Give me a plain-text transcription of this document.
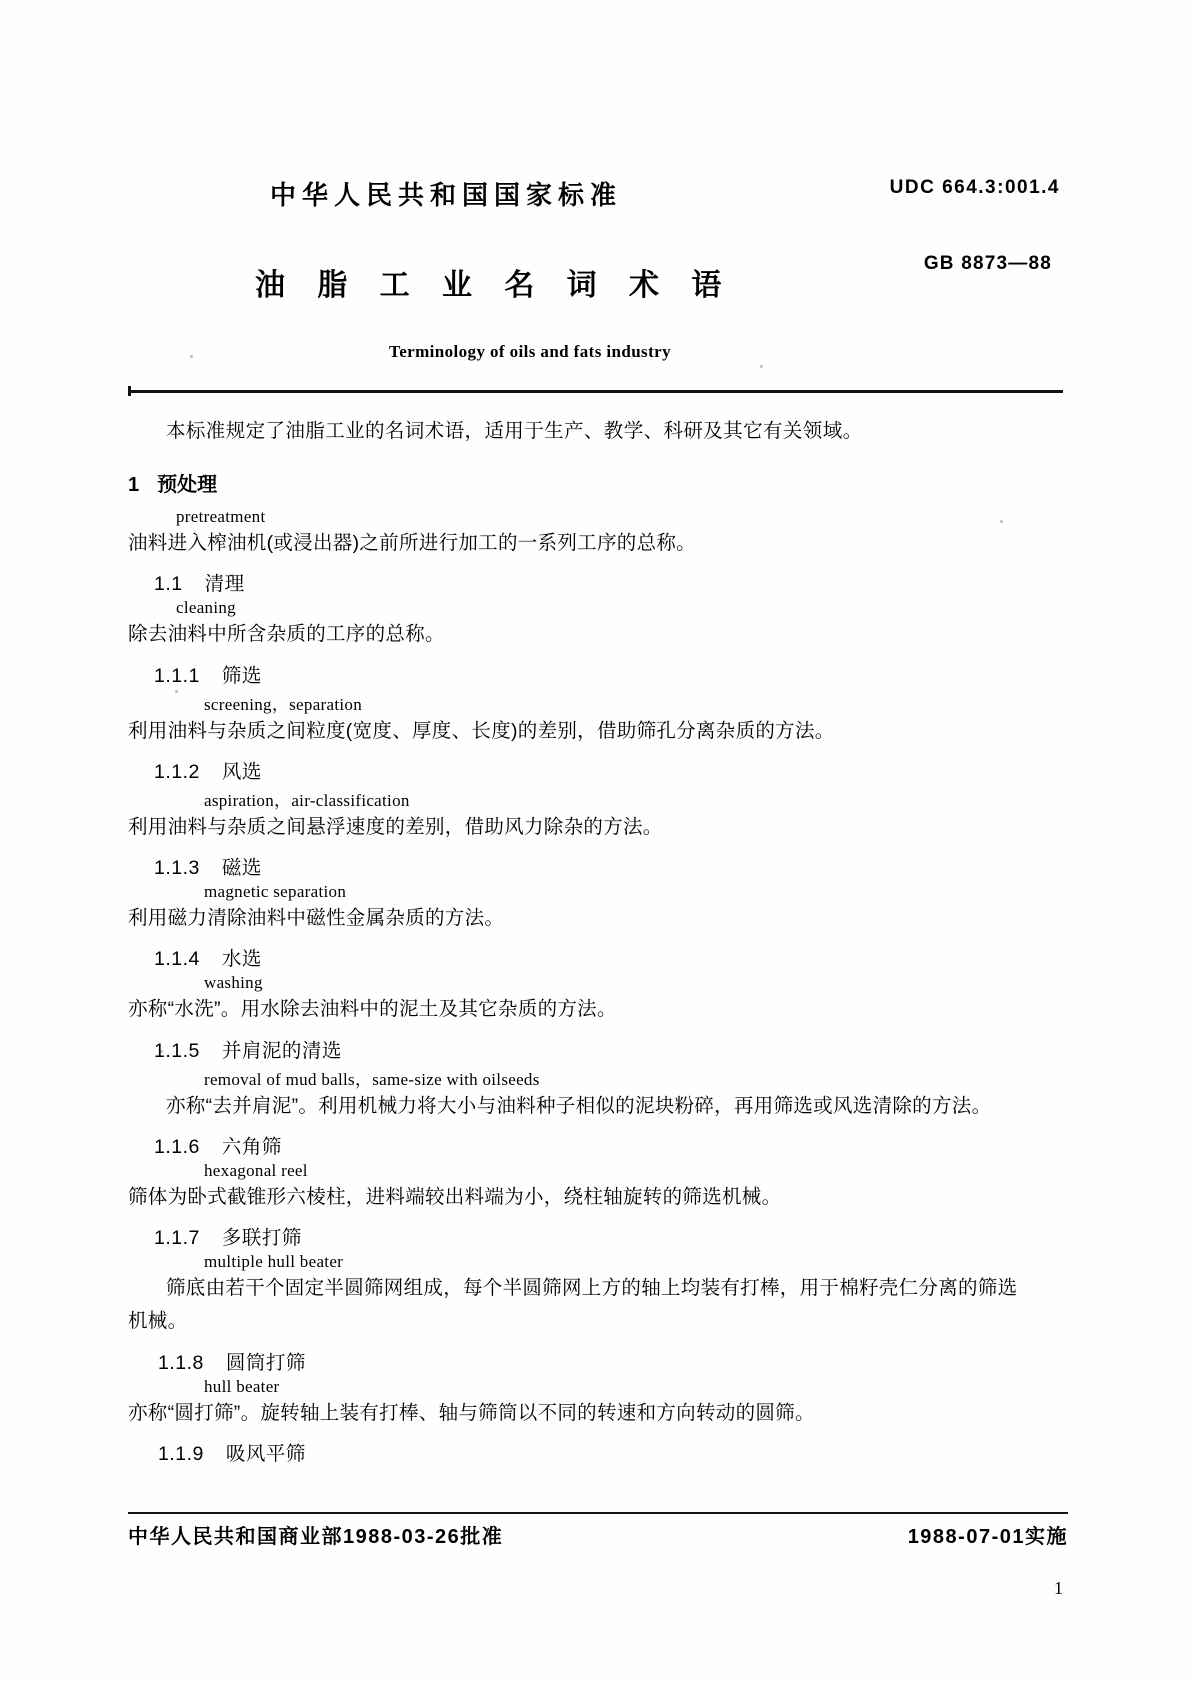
中华人民共和国国家标准	UDC 664.3:001.4
油 脂 工 业 名 词 术 语
GB 8873—88
Terminology of oils and fats industry

本标准规定了油脂工业的名词术语，适用于生产、教学、科研及其它有关领域。

1 预处理
pretreatment
油料进入榨油机(或浸出器)之前所进行加工的一系列工序的总称。
1.1 清理
cleaning
除去油料中所含杂质的工序的总称。
1.1.1 筛选
screening，separation
利用油料与杂质之间粒度(宽度、厚度、长度)的差别，借助筛孔分离杂质的方法。
1.1.2 风选
aspiration，air-classification
利用油料与杂质之间悬浮速度的差别，借助风力除杂的方法。
1.1.3 磁选
magnetic separation
利用磁力清除油料中磁性金属杂质的方法。
1.1.4 水选
washing
亦称“水洗”。用水除去油料中的泥土及其它杂质的方法。
1.1.5 并肩泥的清选
removal of mud balls，same-size with oilseeds
亦称“去并肩泥”。利用机械力将大小与油料种子相似的泥块粉碎，再用筛选或风选清除的方法。
1.1.6 六角筛
hexagonal reel
筛体为卧式截锥形六棱柱，进料端较出料端为小，绕柱轴旋转的筛选机械。
1.1.7 多联打筛
multiple hull beater
筛底由若干个固定半圆筛网组成，每个半圆筛网上方的轴上均装有打棒，用于棉籽壳仁分离的筛选
机械。
1.1.8 圆筒打筛
hull beater
亦称“圆打筛”。旋转轴上装有打棒、轴与筛筒以不同的转速和方向转动的圆筛。
1.1.9 吸风平筛
中华人民共和国商业部1988-03-26批准	1988-07-01实施
1
